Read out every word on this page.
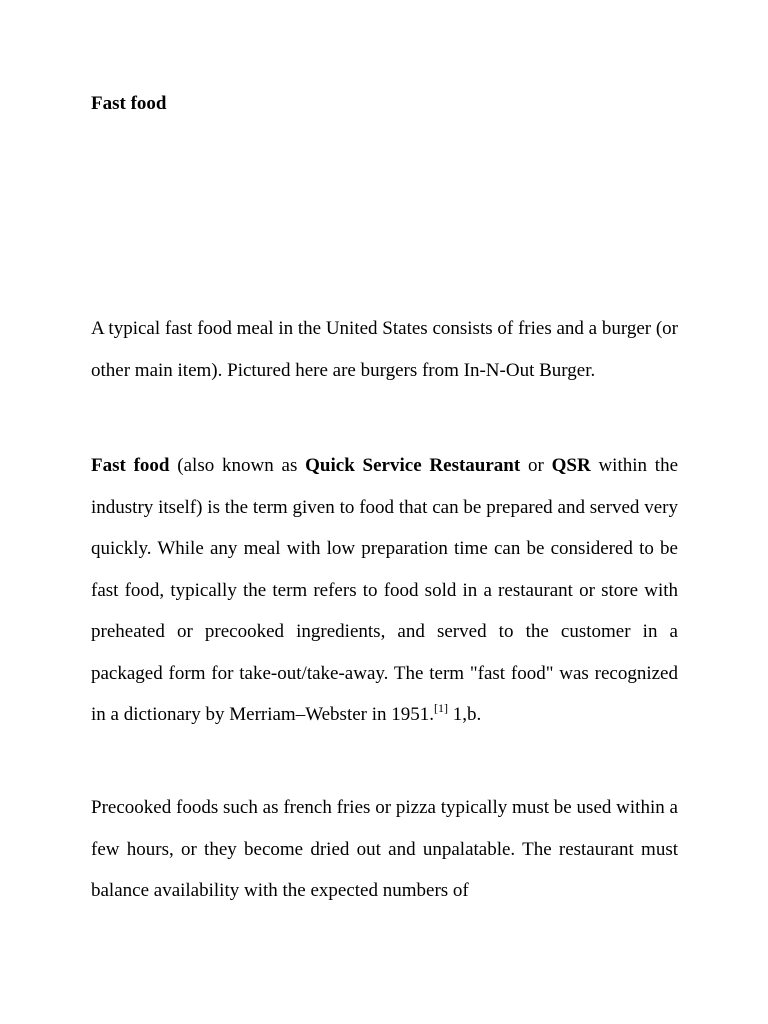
Fast food

A typical fast food meal in the United States consists of fries and a burger (or other main item). Pictured here are burgers from In-N-Out Burger.

Fast food (also known as Quick Service Restaurant or QSR within the industry itself) is the term given to food that can be prepared and served very quickly. While any meal with low preparation time can be considered to be fast food, typically the term refers to food sold in a restaurant or store with preheated or precooked ingredients, and served to the customer in a packaged form for take-out/take-away. The term "fast food" was recognized in a dictionary by Merriam–Webster in 1951.[1] 1,b.

Precooked foods such as french fries or pizza typically must be used within a few hours, or they become dried out and unpalatable. The restaurant must balance availability with the expected numbers of
